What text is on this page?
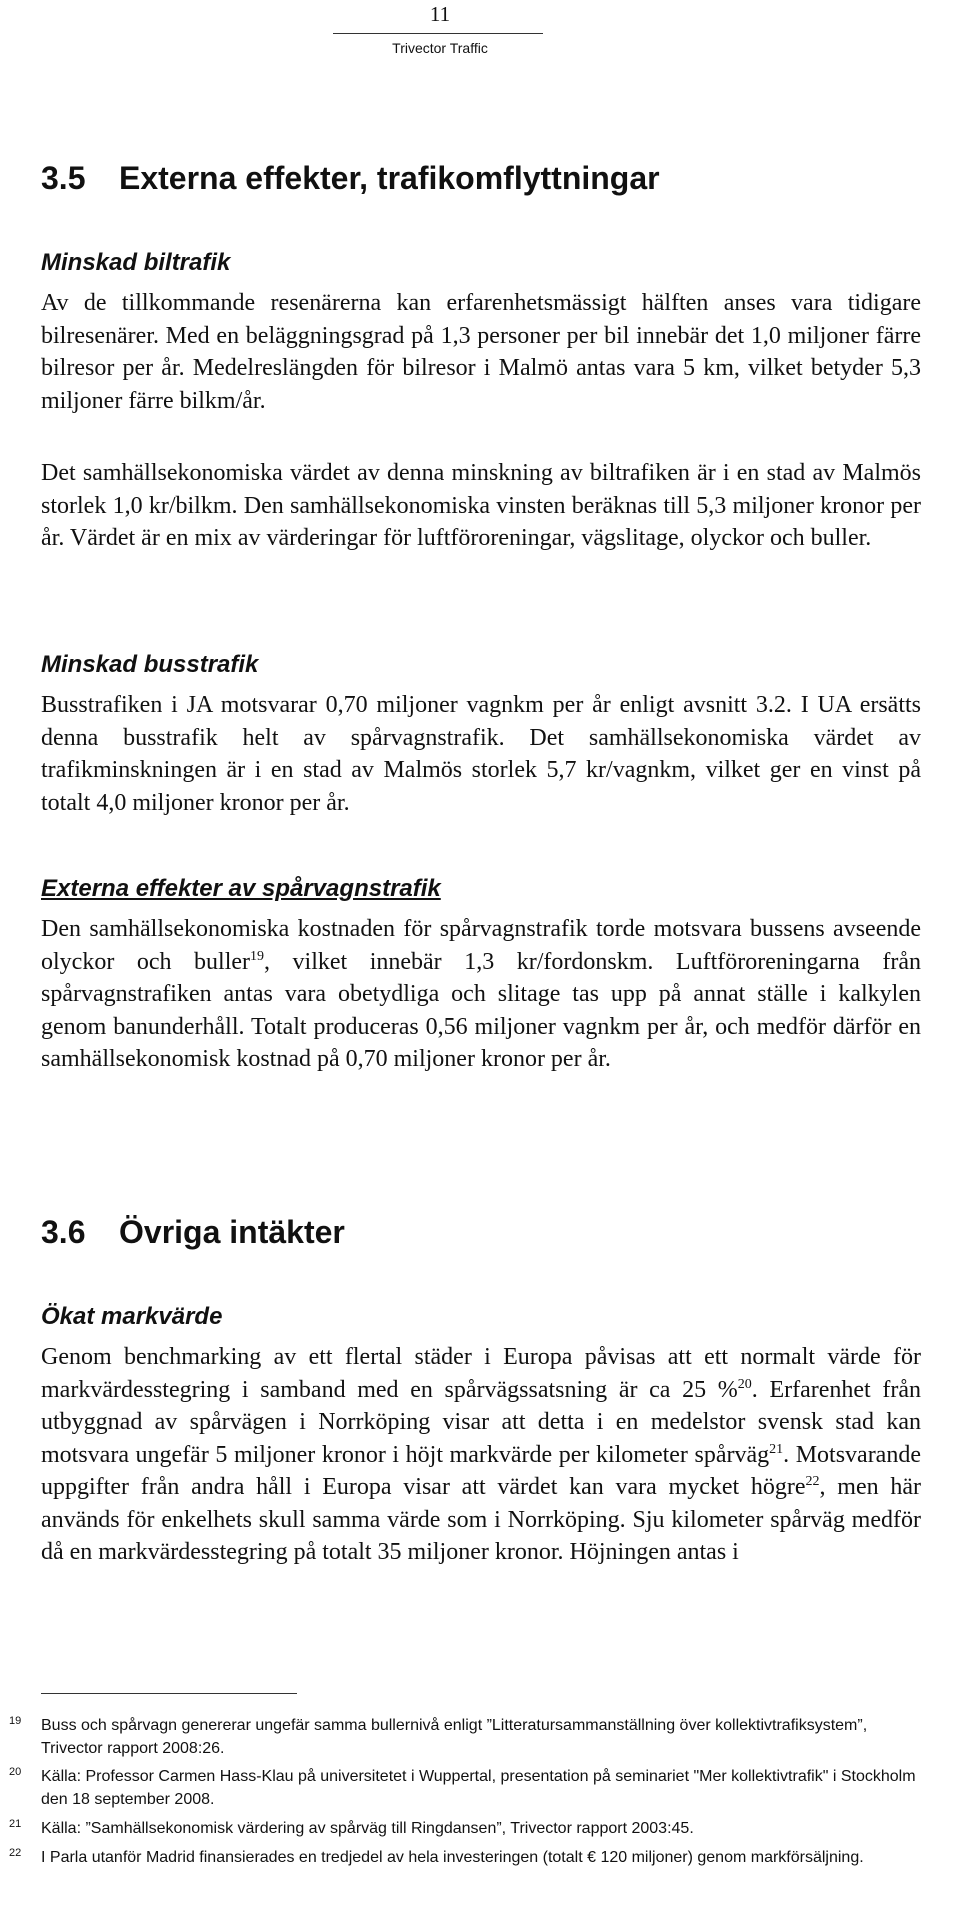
11
Trivector Traffic
3.5 Externa effekter, trafikomflyttningar
Minskad biltrafik

Av de tillkommande resenärerna kan erfarenhetsmässigt hälften anses vara tidigare bilresenärer. Med en beläggningsgrad på 1,3 personer per bil innebär det 1,0 miljoner färre bilresor per år. Medelreslängden för bilresor i Malmö antas vara 5 km, vilket betyder 5,3 miljoner färre bilkm/år.

Det samhällsekonomiska värdet av denna minskning av biltrafiken är i en stad av Malmös storlek 1,0 kr/bilkm. Den samhällsekonomiska vinsten beräknas till 5,3 miljoner kronor per år. Värdet är en mix av värderingar för luftföroreningar, vägslitage, olyckor och buller.

Minskad busstrafik

Busstrafiken i JA motsvarar 0,70 miljoner vagnkm per år enligt avsnitt 3.2. I UA ersätts denna busstrafik helt av spårvagnstrafik. Det samhällsekonomiska värdet av trafikminskningen är i en stad av Malmös storlek 5,7 kr/vagnkm, vilket ger en vinst på totalt 4,0 miljoner kronor per år.

Externa effekter av spårvagnstrafik

Den samhällsekonomiska kostnaden för spårvagnstrafik torde motsvara bussens avseende olyckor och buller$^{19}$, vilket innebär 1,3 kr/fordonskm. Luftföroreningarna från spårvagnstrafiken antas vara obetydliga och slitage tas upp på annat ställe i kalkylen genom banunderhåll. Totalt produceras 0,56 miljoner vagnkm per år, och medför därför en samhällsekonomisk kostnad på 0,70 miljoner kronor per år.

3.6 Övriga intäkter
Ökat markvärde

Genom benchmarking av ett flertal städer i Europa påvisas att ett normalt värde för markvärdesstegring i samband med en spårvägssatsning är ca 25 %$^{20}$. Erfarenhet från utbyggnad av spårvägen i Norrköping visar att detta i en medelstor svensk stad kan motsvara ungefär 5 miljoner kronor i höjt markvärde per kilometer spårväg$^{21}$. Motsvarande uppgifter från andra håll i Europa visar att värdet kan vara mycket högre$^{22}$, men här används för enkelhets skull samma värde som i Norrköping. Sju kilometer spårväg medför då en markvärdesstegring på totalt 35 miljoner kronor. Höjningen antas i

19 Buss och spårvagn genererar ungefär samma bullernivå enligt ”Litteratursammanställning över kollektivtrafiksystem”, Trivector rapport 2008:26.

20 Källa: Professor Carmen Hass-Klau på universitetet i Wuppertal, presentation på seminariet "Mer kollektivtrafik" i Stockholm den 18 september 2008.

21 Källa: ”Samhällsekonomisk värdering av spårväg till Ringdansen”, Trivector rapport 2003:45.

22 I Parla utanför Madrid finansierades en tredjedel av hela investeringen (totalt € 120 miljoner) genom markförsäljning.
